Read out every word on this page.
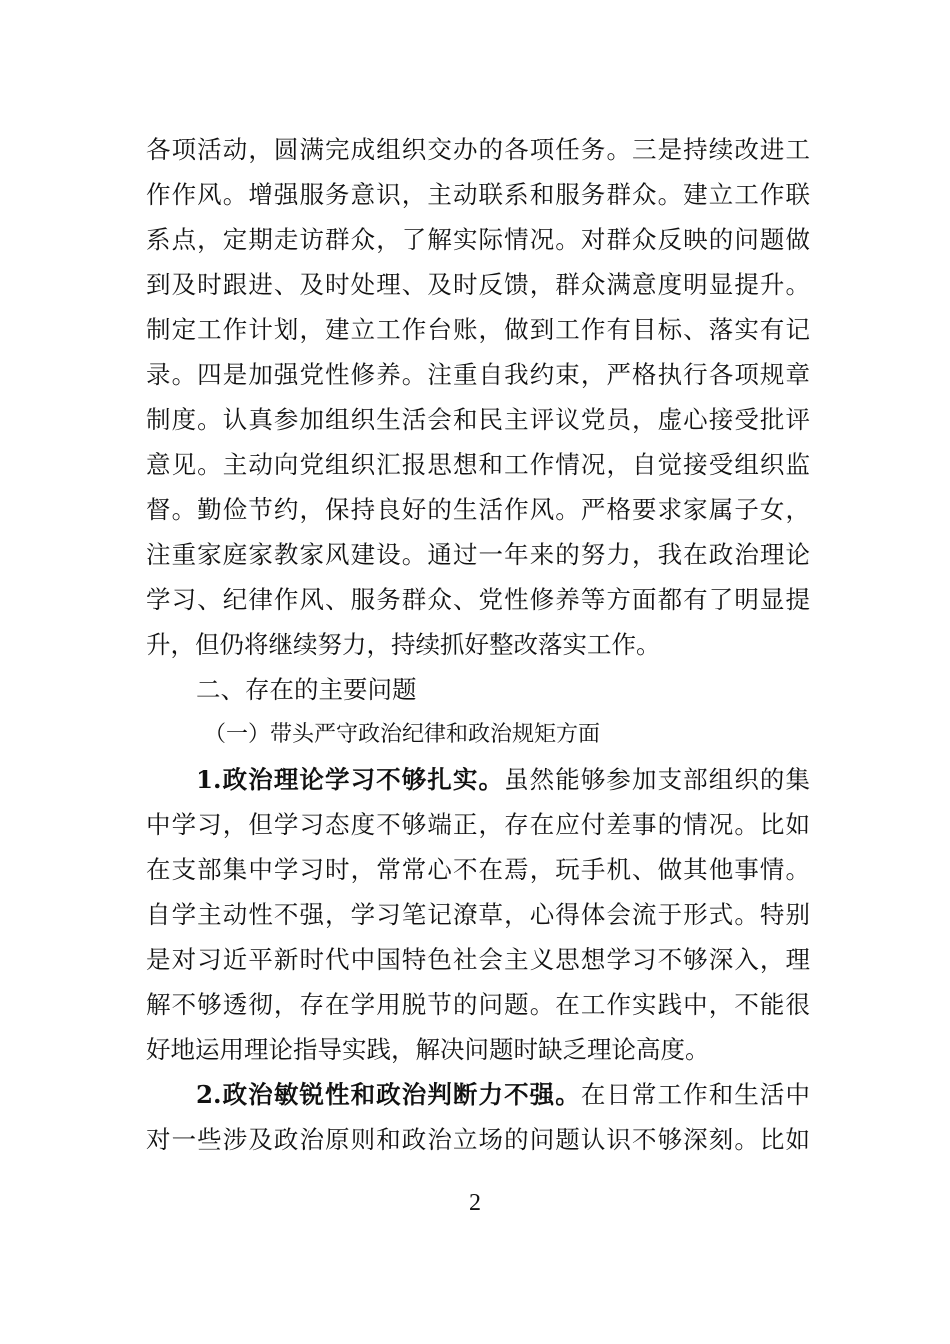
各项活动，圆满完成组织交办的各项任务。三是持续改进工
作作风。增强服务意识，主动联系和服务群众。建立工作联
系点，定期走访群众，了解实际情况。对群众反映的问题做
到及时跟进、及时处理、及时反馈，群众满意度明显提升。
制定工作计划，建立工作台账，做到工作有目标、落实有记
录。四是加强党性修养。注重自我约束，严格执行各项规章
制度。认真参加组织生活会和民主评议党员，虚心接受批评
意见。主动向党组织汇报思想和工作情况，自觉接受组织监
督。勤俭节约，保持良好的生活作风。严格要求家属子女，
注重家庭家教家风建设。通过一年来的努力，我在政治理论
学习、纪律作风、服务群众、党性修养等方面都有了明显提
升，但仍将继续努力，持续抓好整改落实工作。
二、存在的主要问题
（一）带头严守政治纪律和政治规矩方面
1.政治理论学习不够扎实。虽然能够参加支部组织的集
中学习，但学习态度不够端正，存在应付差事的情况。比如
在支部集中学习时，常常心不在焉，玩手机、做其他事情。
自学主动性不强，学习笔记潦草，心得体会流于形式。特别
是对习近平新时代中国特色社会主义思想学习不够深入，理
解不够透彻，存在学用脱节的问题。在工作实践中，不能很
好地运用理论指导实践，解决问题时缺乏理论高度。
2.政治敏锐性和政治判断力不强。在日常工作和生活中
对一些涉及政治原则和政治立场的问题认识不够深刻。比如
2
